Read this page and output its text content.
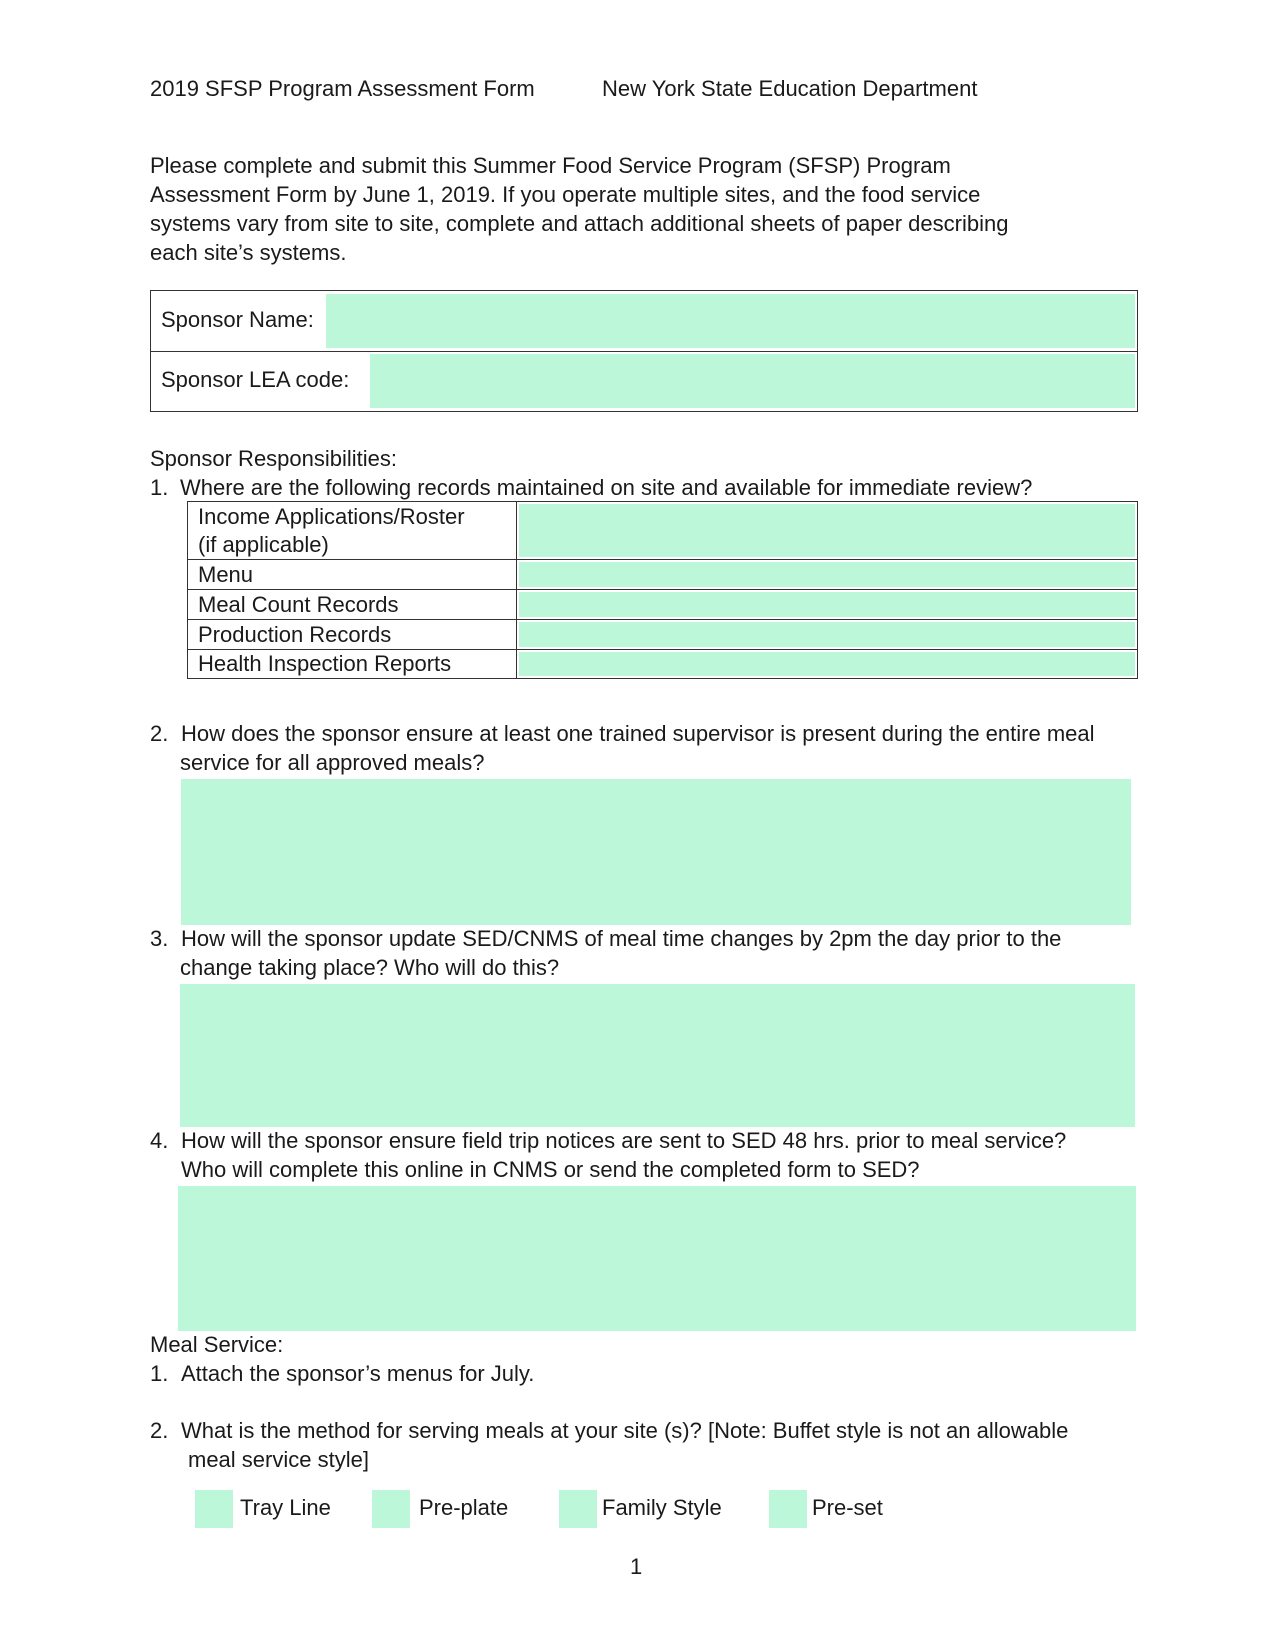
2019 SFSP Program Assessment Form	New York State Education Department
Please complete and submit this Summer Food Service Program (SFSP) Program
Assessment Form by June 1, 2019. If you operate multiple sites, and the food service
systems vary from site to site, complete and attach additional sheets of paper describing
each site’s systems.
Sponsor Name:
Sponsor LEA code:
Sponsor Responsibilities:
1. Where are the following records maintained on site and available for immediate review?
Income Applications/Roster
(if applicable)
Menu
Meal Count Records
Production Records
Health Inspection Reports
2. How does the sponsor ensure at least one trained supervisor is present during the entire meal
service for all approved meals?
3. How will the sponsor update SED/CNMS of meal time changes by 2pm the day prior to the
change taking place? Who will do this?
4. How will the sponsor ensure field trip notices are sent to SED 48 hrs. prior to meal service?
Who will complete this online in CNMS or send the completed form to SED?
Meal Service:
1. Attach the sponsor’s menus for July.
2. What is the method for serving meals at your site (s)? [Note: Buffet style is not an allowable
meal service style]
Tray Line	Pre-plate	Family Style	Pre-set
1
